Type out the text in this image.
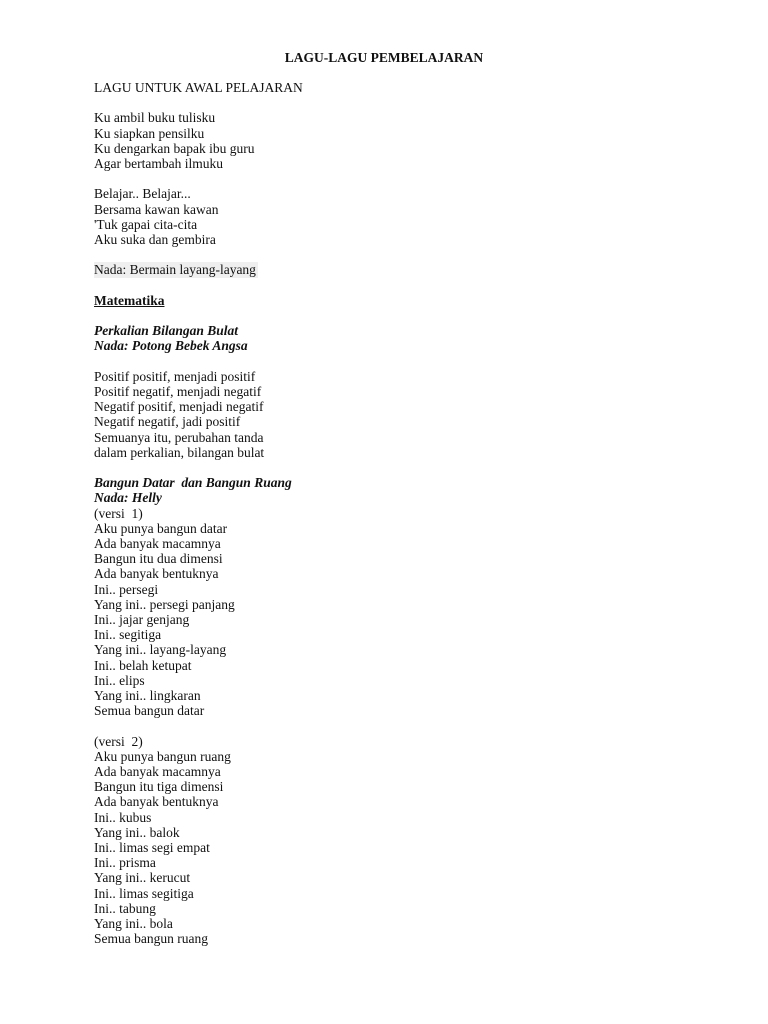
LAGU-LAGU PEMBELAJARAN
LAGU UNTUK AWAL PELAJARAN
Ku ambil buku tulisku
Ku siapkan pensilku
Ku dengarkan bapak ibu guru
Agar bertambah ilmuku
Belajar.. Belajar...
Bersama kawan kawan
'Tuk gapai cita-cita
Aku suka dan gembira
Nada: Bermain layang-layang
Matematika
Perkalian Bilangan Bulat
Nada: Potong Bebek Angsa
Positif positif, menjadi positif
Positif negatif, menjadi negatif
Negatif positif, menjadi negatif
Negatif negatif, jadi positif
Semuanya itu, perubahan tanda
dalam perkalian, bilangan bulat
Bangun Datar  dan Bangun Ruang
Nada: Helly
(versi  1)
Aku punya bangun datar
Ada banyak macamnya
Bangun itu dua dimensi
Ada banyak bentuknya
Ini.. persegi
Yang ini.. persegi panjang
Ini.. jajar genjang
Ini.. segitiga
Yang ini.. layang-layang
Ini.. belah ketupat
Ini.. elips
Yang ini.. lingkaran
Semua bangun datar
(versi  2)
Aku punya bangun ruang
Ada banyak macamnya
Bangun itu tiga dimensi
Ada banyak bentuknya
Ini.. kubus
Yang ini.. balok
Ini.. limas segi empat
Ini.. prisma
Yang ini.. kerucut
Ini.. limas segitiga
Ini.. tabung
Yang ini.. bola
Semua bangun ruang
